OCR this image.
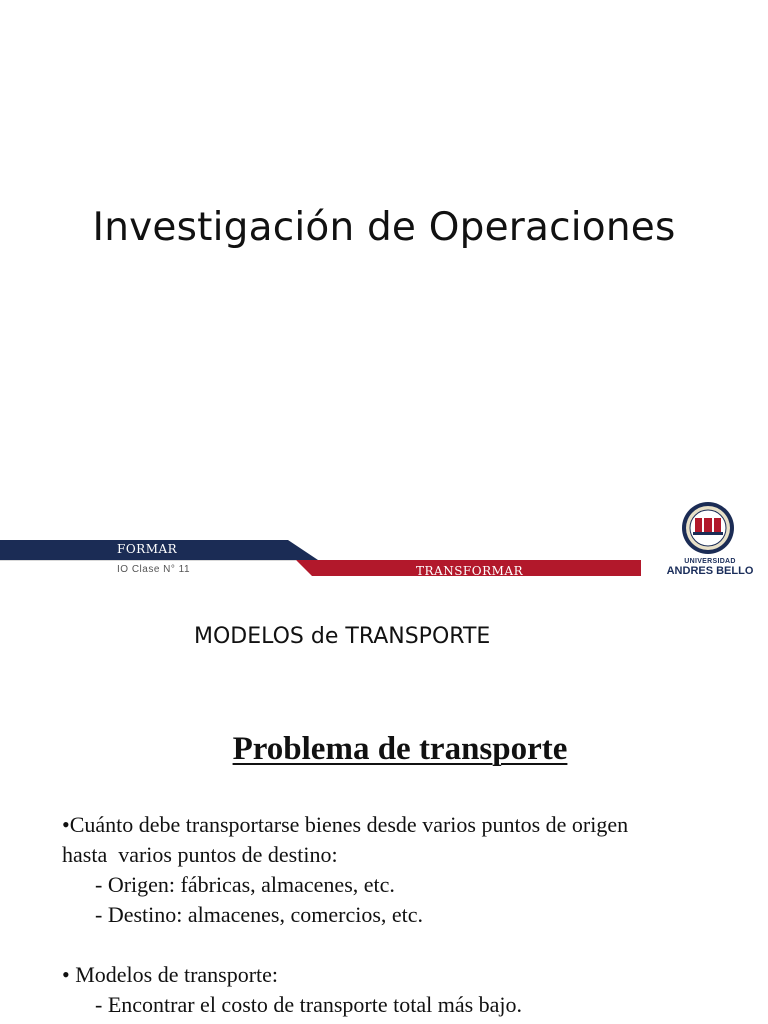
Investigación de Operaciones
FORMAR
TRANSFORMAR
IO Clase N° 11
UNIVERSIDAD
ANDRES BELLO
MODELOS de TRANSPORTE
Problema de transporte
•Cuánto debe transportarse bienes desde varios puntos de origen
hasta  varios puntos de destino:
- Origen: fábricas, almacenes, etc.
- Destino: almacenes, comercios, etc.
• Modelos de transporte:
- Encontrar el costo de transporte total más bajo.
